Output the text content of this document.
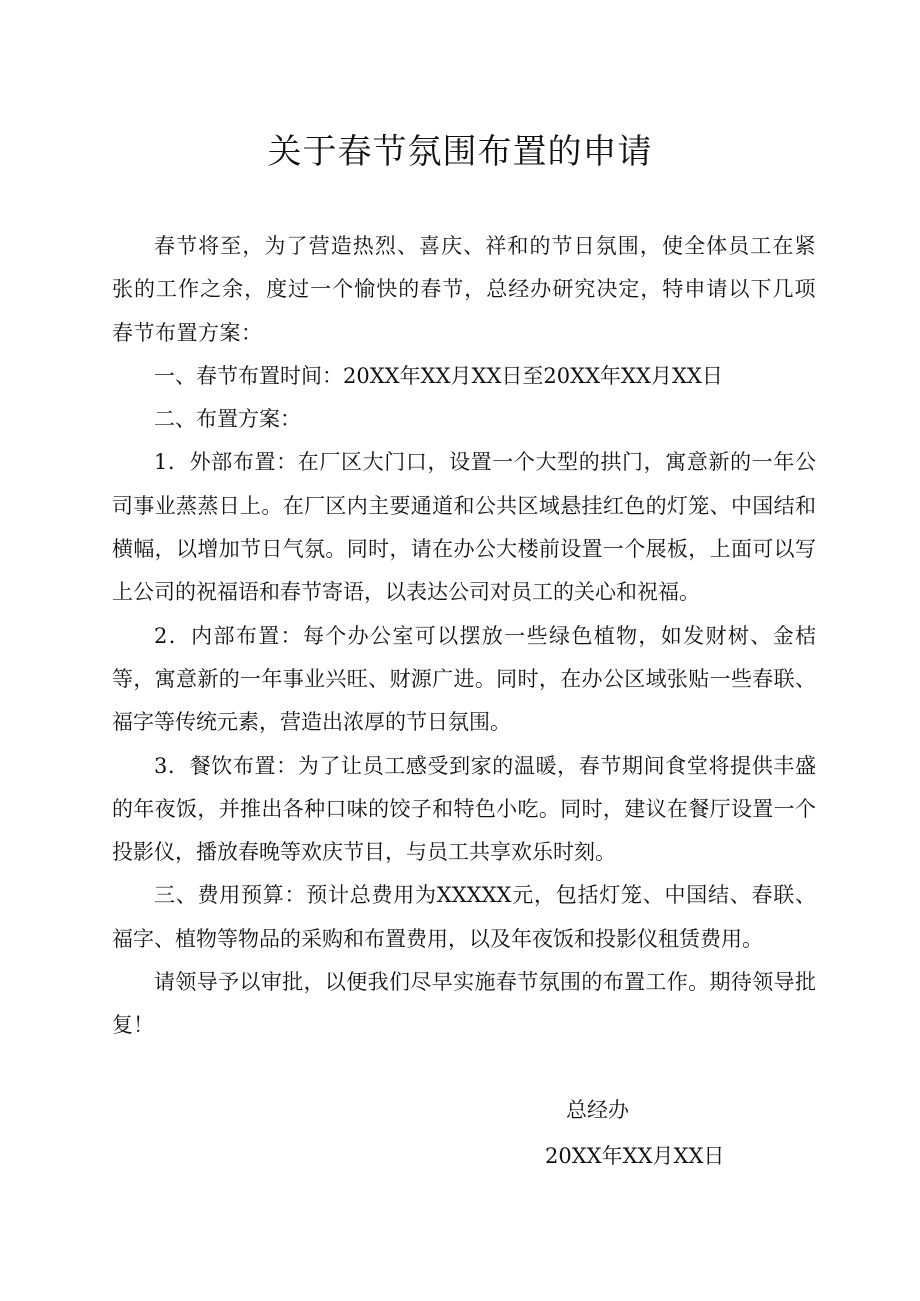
关于春节氛围布置的申请

春节将至，为了营造热烈、喜庆、祥和的节日氛围，使全体员工在紧张的工作之余，度过一个愉快的春节，总经办研究决定，特申请以下几项春节布置方案：

一、春节布置时间：20XX年XX月XX日至20XX年XX月XX日

二、布置方案：

1．外部布置：在厂区大门口，设置一个大型的拱门，寓意新的一年公司事业蒸蒸日上。在厂区内主要通道和公共区域悬挂红色的灯笼、中国结和横幅，以增加节日气氛。同时，请在办公大楼前设置一个展板，上面可以写上公司的祝福语和春节寄语，以表达公司对员工的关心和祝福。

2．内部布置：每个办公室可以摆放一些绿色植物，如发财树、金桔等，寓意新的一年事业兴旺、财源广进。同时，在办公区域张贴一些春联、福字等传统元素，营造出浓厚的节日氛围。

3．餐饮布置：为了让员工感受到家的温暖，春节期间食堂将提供丰盛的年夜饭，并推出各种口味的饺子和特色小吃。同时，建议在餐厅设置一个投影仪，播放春晚等欢庆节目，与员工共享欢乐时刻。

三、费用预算：预计总费用为XXXXX元，包括灯笼、中国结、春联、福字、植物等物品的采购和布置费用，以及年夜饭和投影仪租赁费用。

请领导予以审批，以便我们尽早实施春节氛围的布置工作。期待领导批复！

总经办
20XX年XX月XX日
